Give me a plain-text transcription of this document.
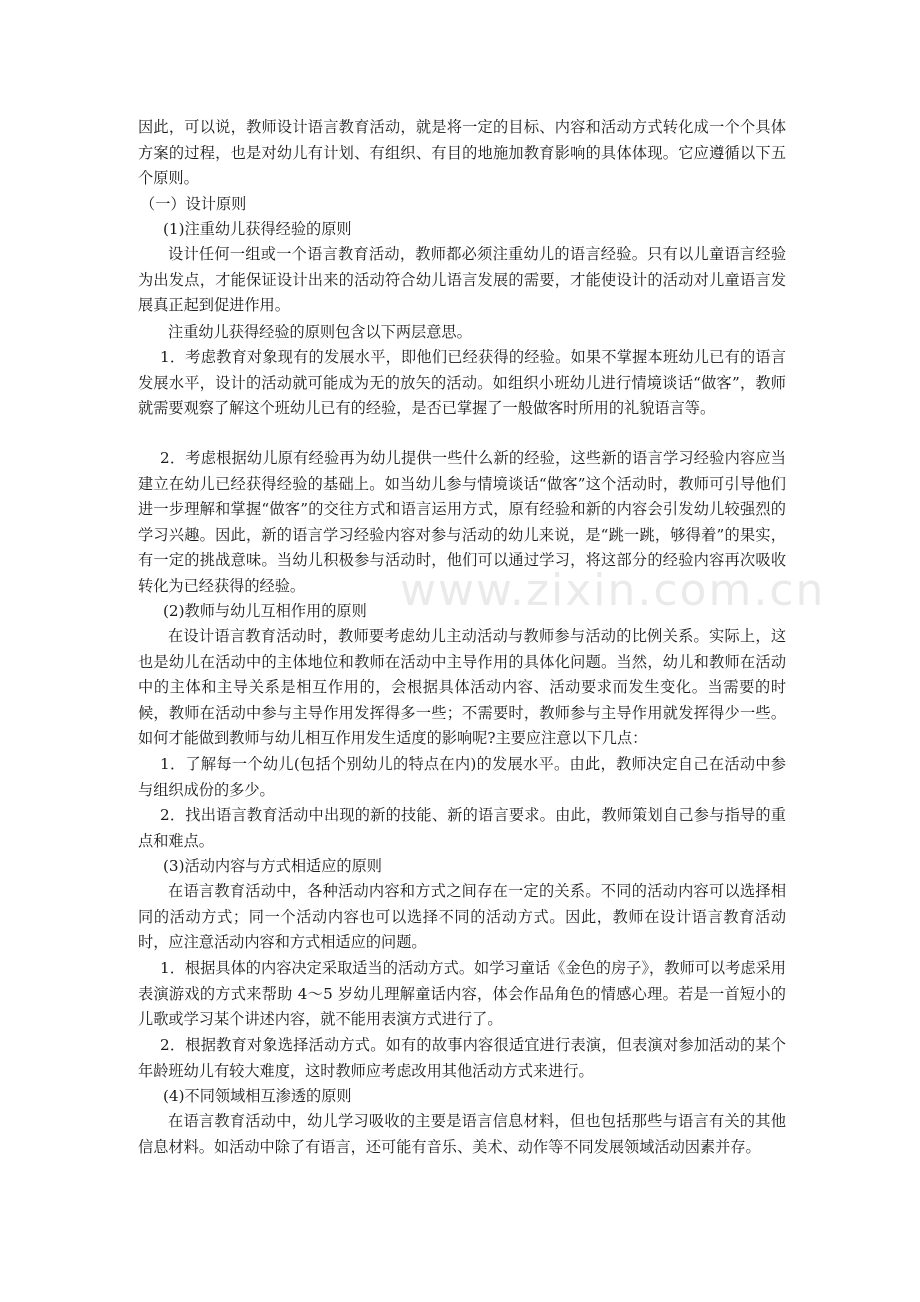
因此，可以说，教师设计语言教育活动，就是将一定的目标、内容和活动方式转化成一个个具体方案的过程，也是对幼儿有计划、有组织、有目的地施加教育影响的具体体现。它应遵循以下五个原则。

（一）设计原则

(1)注重幼儿获得经验的原则

设计任何一组或一个语言教育活动，教师都必须注重幼儿的语言经验。只有以儿童语言经验为出发点，才能保证设计出来的活动符合幼儿语言发展的需要，才能使设计的活动对儿童语言发展真正起到促进作用。

注重幼儿获得经验的原则包含以下两层意思。

1．考虑教育对象现有的发展水平，即他们已经获得的经验。如果不掌握本班幼儿已有的语言发展水平，设计的活动就可能成为无的放矢的活动。如组织小班幼儿进行情境谈话“做客”，教师就需要观察了解这个班幼儿已有的经验，是否已掌握了一般做客时所用的礼貌语言等。

2．考虑根据幼儿原有经验再为幼儿提供一些什么新的经验，这些新的语言学习经验内容应当建立在幼儿已经获得经验的基础上。如当幼儿参与情境谈话“做客”这个活动时，教师可引导他们进一步理解和掌握“做客”的交往方式和语言运用方式，原有经验和新的内容会引发幼儿较强烈的学习兴趣。因此，新的语言学习经验内容对参与活动的幼儿来说，是“跳一跳，够得着”的果实，有一定的挑战意味。当幼儿积极参与活动时，他们可以通过学习，将这部分的经验内容再次吸收转化为已经获得的经验。

(2)教师与幼儿互相作用的原则

在设计语言教育活动时，教师要考虑幼儿主动活动与教师参与活动的比例关系。实际上，这也是幼儿在活动中的主体地位和教师在活动中主导作用的具体化问题。当然，幼儿和教师在活动中的主体和主导关系是相互作用的，会根据具体活动内容、活动要求而发生变化。当需要的时候，教师在活动中参与主导作用发挥得多一些；不需要时，教师参与主导作用就发挥得少一些。如何才能做到教师与幼儿相互作用发生适度的影响呢?主要应注意以下几点：

1．了解每一个幼儿(包括个别幼儿的特点在内)的发展水平。由此，教师决定自己在活动中参与组织成份的多少。

2．找出语言教育活动中出现的新的技能、新的语言要求。由此，教师策划自己参与指导的重点和难点。

(3)活动内容与方式相适应的原则

在语言教育活动中，各种活动内容和方式之间存在一定的关系。不同的活动内容可以选择相同的活动方式；同一个活动内容也可以选择不同的活动方式。因此，教师在设计语言教育活动时，应注意活动内容和方式相适应的问题。

1．根据具体的内容决定采取适当的活动方式。如学习童话《金色的房子》，教师可以考虑采用表演游戏的方式来帮助 4～5 岁幼儿理解童话内容，体会作品角色的情感心理。若是一首短小的儿歌或学习某个讲述内容，就不能用表演方式进行了。

2．根据教育对象选择活动方式。如有的故事内容很适宜进行表演，但表演对参加活动的某个年龄班幼儿有较大难度，这时教师应考虑改用其他活动方式来进行。

(4)不同领域相互渗透的原则

在语言教育活动中，幼儿学习吸收的主要是语言信息材料，但也包括那些与语言有关的其他信息材料。如活动中除了有语言，还可能有音乐、美术、动作等不同发展领域活动因素并存。

www.zixin.com.cn
